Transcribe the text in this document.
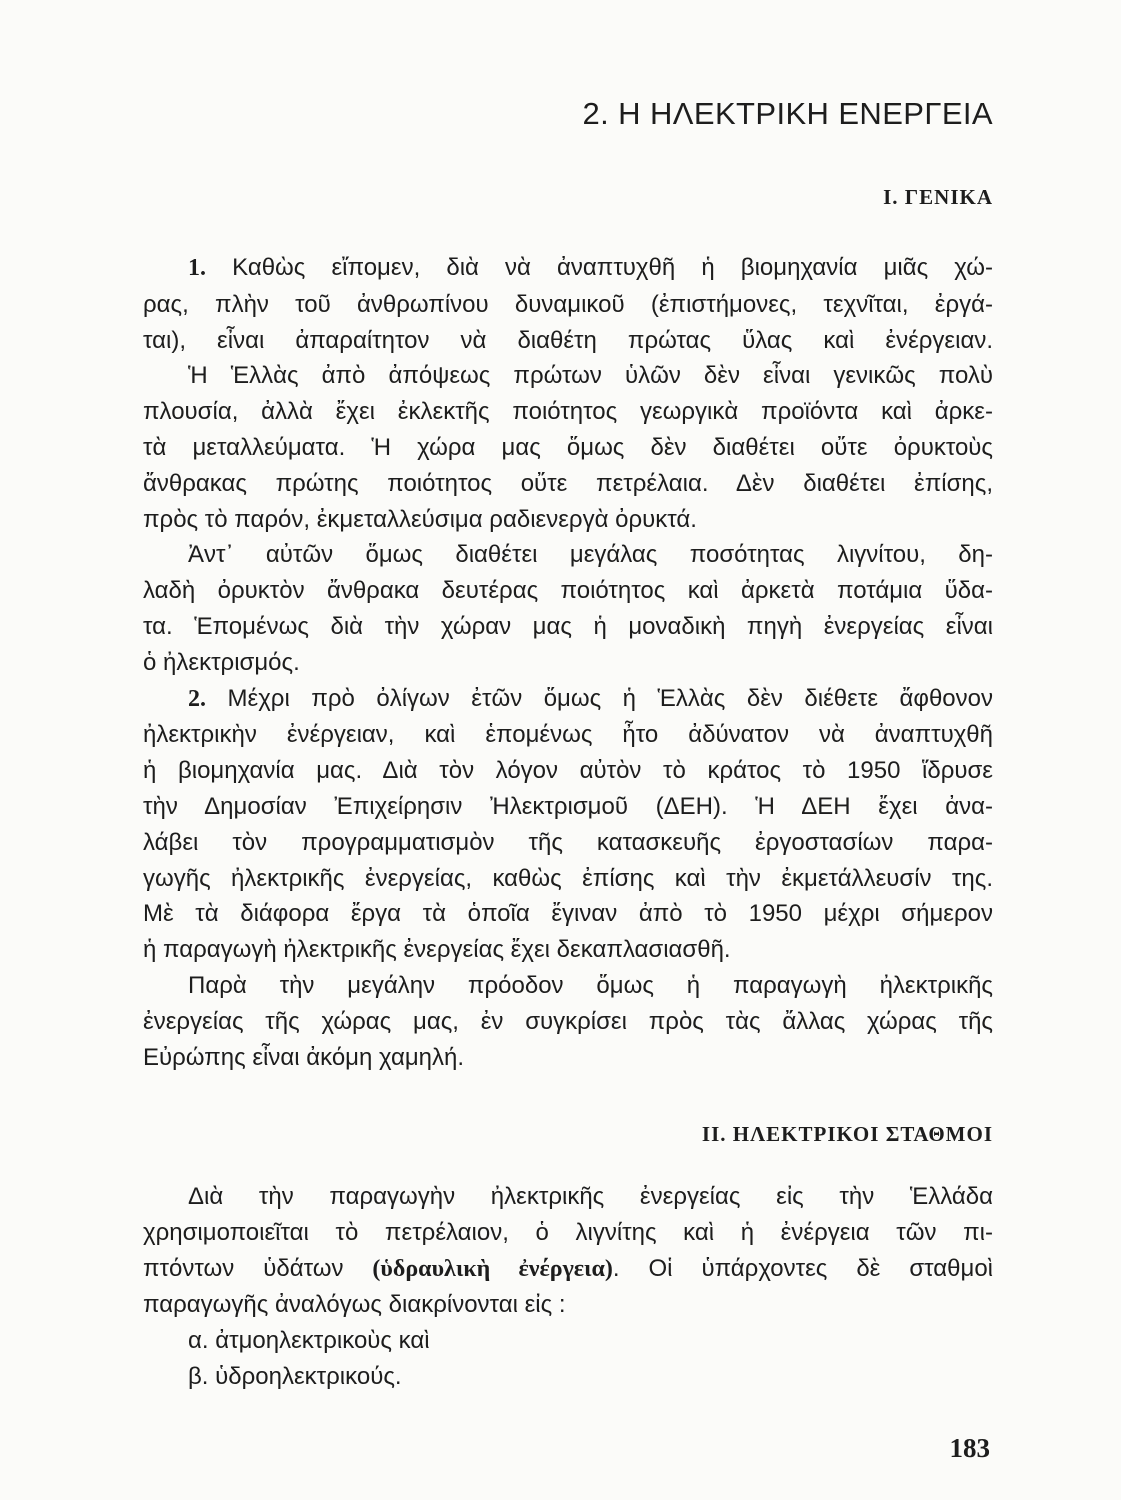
2. Η ΗΛΕΚΤΡΙΚΗ ΕΝΕΡΓΕΙΑ
I. ΓΕΝΙΚΑ
1. Καθὼς εἴπομεν, διὰ νὰ ἀναπτυχθῆ ἡ βιομηχανία μιᾶς χώ-
ρας, πλὴν τοῦ ἀνθρωπίνου δυναμικοῦ (ἐπιστήμονες, τεχνῖται, ἐργά-
ται), εἶναι ἀπαραίτητον νὰ διαθέτη πρώτας ὕλας καὶ ἐνέργειαν.
Ἡ Ἑλλὰς ἀπὸ ἀπόψεως πρώτων ὑλῶν δὲν εἶναι γενικῶς πολὺ
πλουσία, ἀλλὰ ἔχει ἐκλεκτῆς ποιότητος γεωργικὰ προϊόντα καὶ ἀρκε-
τὰ μεταλλεύματα. Ἡ χώρα μας ὅμως δὲν διαθέτει οὔτε ὀρυκτοὺς
ἄνθρακας πρώτης ποιότητος οὔτε πετρέλαια. Δὲν διαθέτει ἐπίσης,
πρὸς τὸ παρόν, ἐκμεταλλεύσιμα ραδιενεργὰ ὀρυκτά.
Ἀντ᾿ αὐτῶν ὅμως διαθέτει μεγάλας ποσότητας λιγνίτου, δη-
λαδὴ ὀρυκτὸν ἄνθρακα δευτέρας ποιότητος καὶ ἀρκετὰ ποτάμια ὕδα-
τα. Ἑπομένως διὰ τὴν χώραν μας ἡ μοναδικὴ πηγὴ ἐνεργείας εἶναι
ὁ ἠλεκτρισμός.
2. Μέχρι πρὸ ὀλίγων ἐτῶν ὅμως ἡ Ἑλλὰς δὲν διέθετε ἄφθονον
ἠλεκτρικὴν ἐνέργειαν, καὶ ἑπομένως ἦτο ἀδύνατον νὰ ἀναπτυχθῆ
ἡ βιομηχανία μας. Διὰ τὸν λόγον αὐτὸν τὸ κράτος τὸ 1950 ἵδρυσε
τὴν Δημοσίαν Ἐπιχείρησιν Ἠλεκτρισμοῦ (ΔΕΗ). Ἡ ΔΕΗ ἔχει ἀνα-
λάβει τὸν προγραμματισμὸν τῆς κατασκευῆς ἐργοστασίων παρα-
γωγῆς ἠλεκτρικῆς ἐνεργείας, καθὼς ἐπίσης καὶ τὴν ἐκμετάλλευσίν της.
Μὲ τὰ διάφορα ἔργα τὰ ὁποῖα ἔγιναν ἀπὸ τὸ 1950 μέχρι σήμερον
ἡ παραγωγὴ ἠλεκτρικῆς ἐνεργείας ἔχει δεκαπλασιασθῆ.
Παρὰ τὴν μεγάλην πρόοδον ὅμως ἡ παραγωγὴ ἠλεκτρικῆς
ἐνεργείας τῆς χώρας μας, ἐν συγκρίσει πρὸς τὰς ἄλλας χώρας τῆς
Εὐρώπης εἶναι ἀκόμη χαμηλή.
II. ΗΛΕΚΤΡΙΚΟΙ ΣΤΑΘΜΟΙ
Διὰ τὴν παραγωγὴν ἠλεκτρικῆς ἐνεργείας εἰς τὴν Ἑλλάδα
χρησιμοποιεῖται τὸ πετρέλαιον, ὁ λιγνίτης καὶ ἡ ἐνέργεια τῶν πι-
πτόντων ὑδάτων (ὑδραυλικὴ ἐνέργεια). Οἱ ὑπάρχοντες δὲ σταθμοὶ
παραγωγῆς ἀναλόγως διακρίνονται εἰς :
α. ἀτμοηλεκτρικοὺς καὶ
β. ὑδροηλεκτρικούς.
183
